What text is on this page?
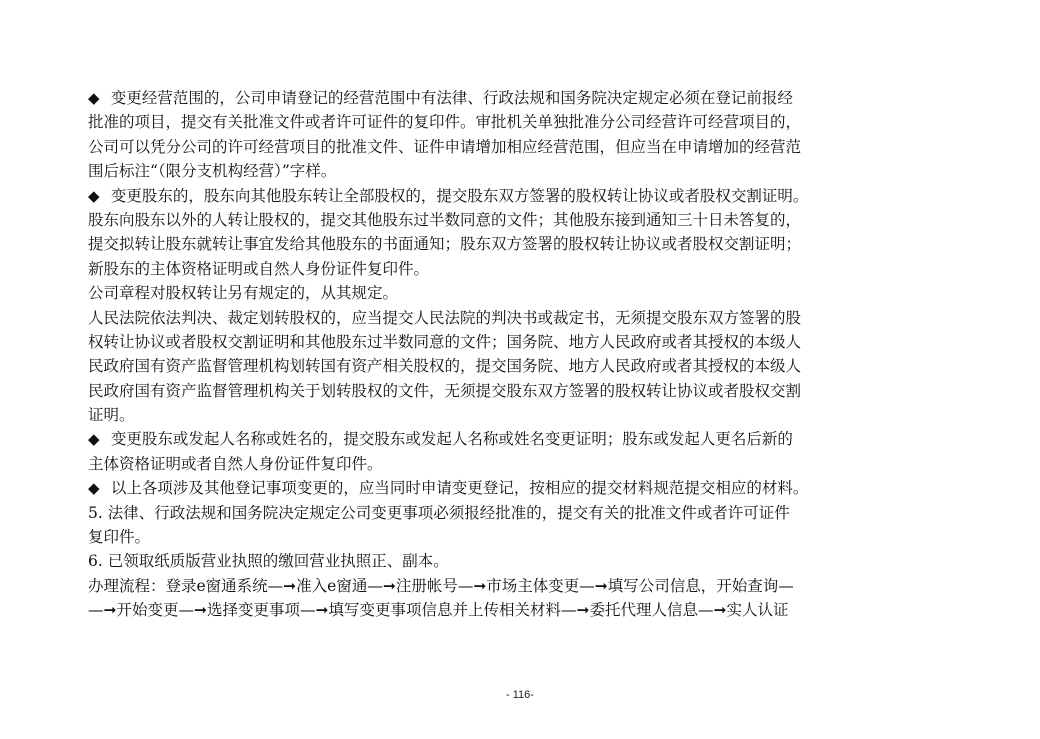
◆ 变更经营范围的，公司申请登记的经营范围中有法律、行政法规和国务院决定规定必须在登记前报经
批准的项目，提交有关批准文件或者许可证件的复印件。审批机关单独批准分公司经营许可经营项目的，
公司可以凭分公司的许可经营项目的批准文件、证件申请增加相应经营范围，但应当在申请增加的经营范
围后标注“（限分支机构经营）”字样。
◆ 变更股东的，股东向其他股东转让全部股权的，提交股东双方签署的股权转让协议或者股权交割证明。
股东向股东以外的人转让股权的，提交其他股东过半数同意的文件；其他股东接到通知三十日未答复的，
提交拟转让股东就转让事宜发给其他股东的书面通知；股东双方签署的股权转让协议或者股权交割证明；
新股东的主体资格证明或自然人身份证件复印件。
公司章程对股权转让另有规定的，从其规定。
人民法院依法判决、裁定划转股权的，应当提交人民法院的判决书或裁定书，无须提交股东双方签署的股
权转让协议或者股权交割证明和其他股东过半数同意的文件；国务院、地方人民政府或者其授权的本级人
民政府国有资产监督管理机构划转国有资产相关股权的，提交国务院、地方人民政府或者其授权的本级人
民政府国有资产监督管理机构关于划转股权的文件，无须提交股东双方签署的股权转让协议或者股权交割
证明。
◆ 变更股东或发起人名称或姓名的，提交股东或发起人名称或姓名变更证明；股东或发起人更名后新的
主体资格证明或者自然人身份证件复印件。
◆ 以上各项涉及其他登记事项变更的，应当同时申请变更登记，按相应的提交材料规范提交相应的材料。
5. 法律、行政法规和国务院决定规定公司变更事项必须报经批准的，提交有关的批准文件或者许可证件
复印件。
6. 已领取纸质版营业执照的缴回营业执照正、副本。
办理流程：登录e窗通系统—➞准入e窗通—➞注册帐号—➞市场主体变更—➞填写公司信息，开始查询—
—➞开始变更—➞选择变更事项—➞填写变更事项信息并上传相关材料—➞委托代理人信息—➞实人认证
- 116-
